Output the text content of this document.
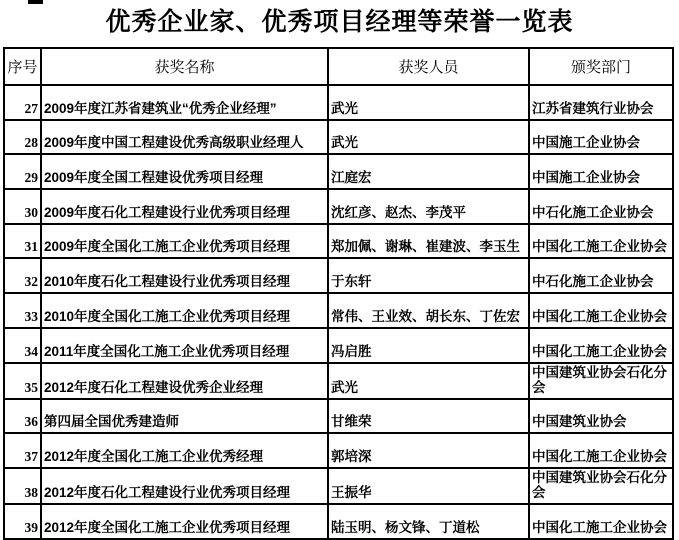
优秀企业家、优秀项目经理等荣誉一览表
序号	获奖名称	获奖人员	颁奖部门
27	2009年度江苏省建筑业“优秀企业经理”	武光	江苏省建筑行业协会
28	2009年度中国工程建设优秀高级职业经理人	武光	中国施工企业协会
29	2009年度全国工程建设优秀项目经理	江庭宏	中国施工企业协会
30	2009年度石化工程建设行业优秀项目经理	沈红彦、赵杰、李茂平	中石化施工企业协会
31	2009年度全国化工施工企业优秀项目经理	郑加佩、谢琳、崔建波、李玉生	中国化工施工企业协会
32	2010年度石化工程建设行业优秀项目经理	于东轩	中石化施工企业协会
33	2010年度全国化工施工企业优秀项目经理	常伟、王业效、胡长东、丁佐宏	中国化工施工企业协会
34	2011年度全国化工施工企业优秀项目经理	冯启胜	中国化工施工企业协会
35	2012年度石化工程建设优秀企业经理	武光	中国建筑业协会石化分会
36	第四届全国优秀建造师	甘维荣	中国建筑业协会
37	2012年度全国化工施工企业优秀经理	郭培深	中国化工施工企业协会
38	2012年度石化工程建设行业优秀项目经理	王振华	中国建筑业协会石化分会
39	2012年度全国化工施工企业优秀项目经理	陆玉明、杨文锋、丁道松	中国化工施工企业协会
